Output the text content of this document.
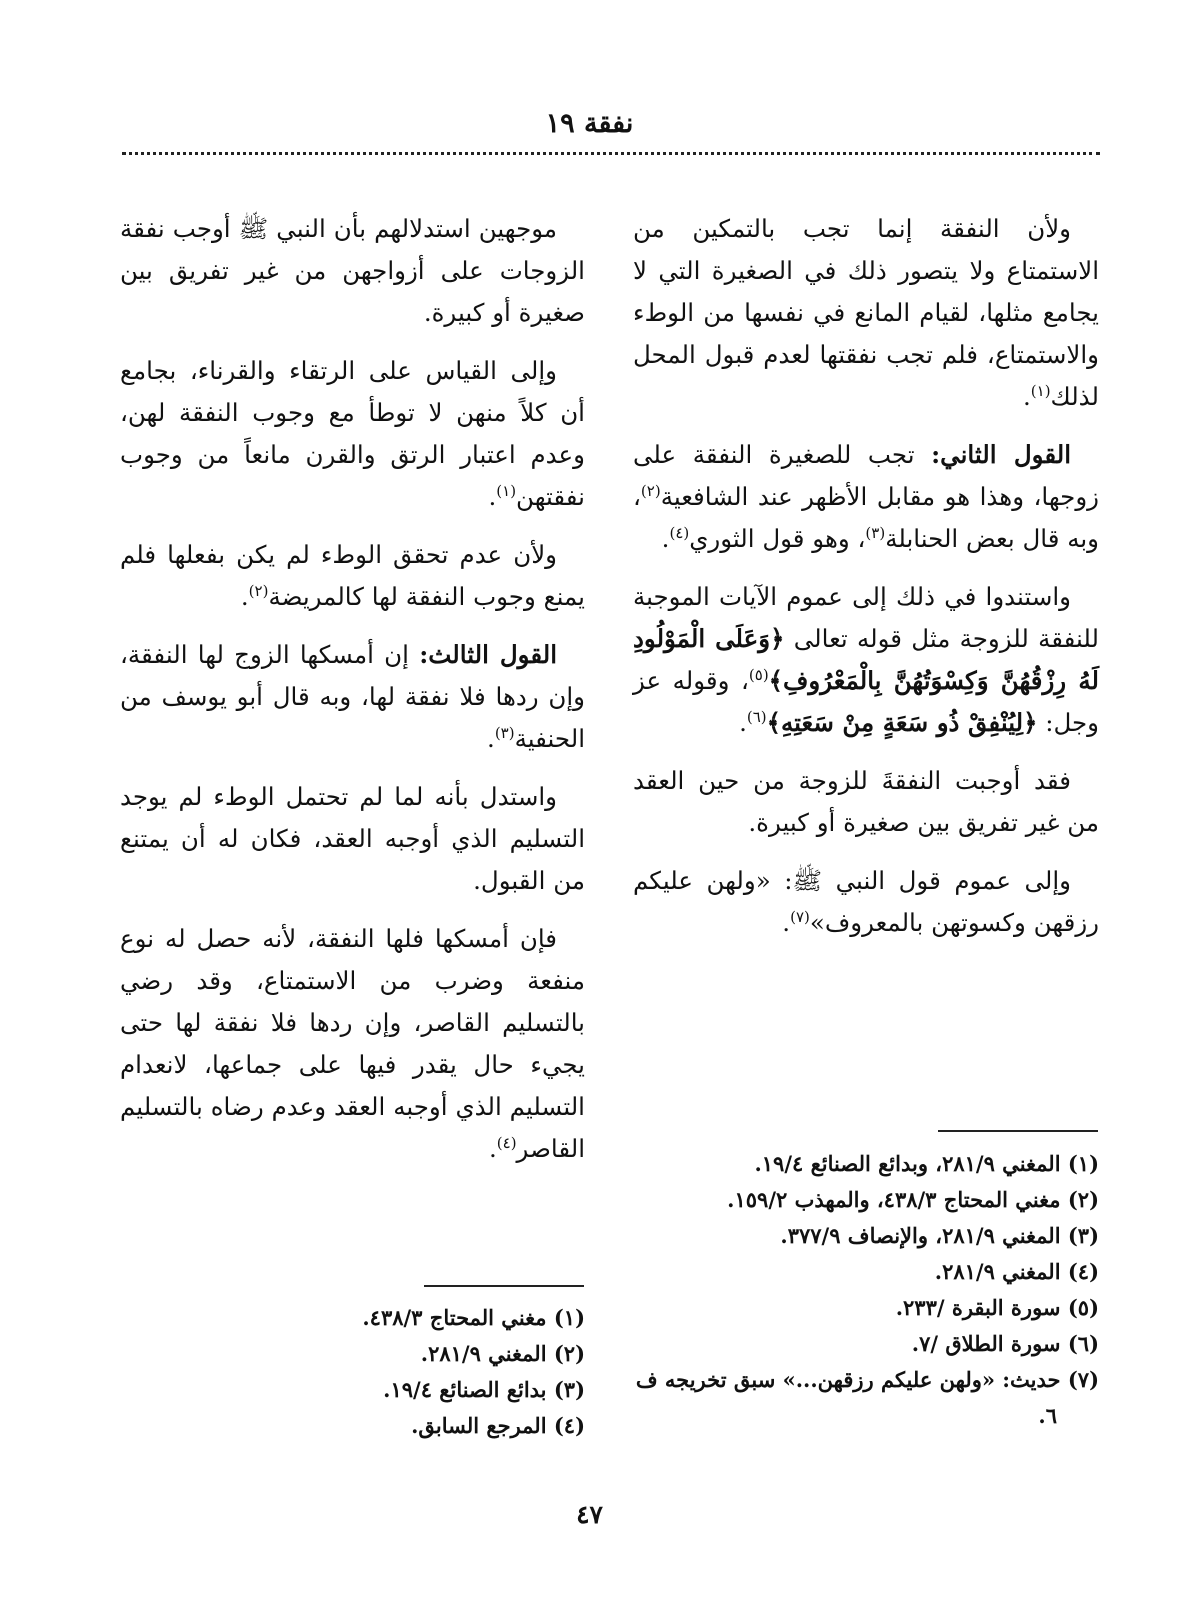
نفقة ١٩

ولأن النفقة إنما تجب بالتمكين من الاستمتاع ولا يتصور ذلك في الصغيرة التي لا يجامع مثلها، لقيام المانع في نفسها من الوطء والاستمتاع، فلم تجب نفقتها لعدم قبول المحل لذلك$^{(١)}$.

القول الثاني: تجب للصغيرة النفقة على زوجها، وهذا هو مقابل الأظهر عند الشافعية$^{(٢)}$، وبه قال بعض الحنابلة$^{(٣)}$، وهو قول الثوري$^{(٤)}$.

واستندوا في ذلك إلى عموم الآيات الموجبة للنفقة للزوجة مثل قوله تعالى ﴿وَعَلَى الْمَوْلُودِ لَهُ رِزْقُهُنَّ وَكِسْوَتُهُنَّ بِالْمَعْرُوفِ﴾$^{(٥)}$، وقوله عز وجل: ﴿لِيُنْفِقْ ذُو سَعَةٍ مِنْ سَعَتِهِ﴾$^{(٦)}$.

فقد أوجبت النفقةَ للزوجة من حين العقد من غير تفريق بين صغيرة أو كبيرة.

وإلى عموم قول النبي ﷺ: «ولهن عليكم رزقهن وكسوتهن بالمعروف»$^{(٧)}$.

(١) المغني ٢٨١/٩، وبدائع الصنائع ١٩/٤.

(٢) مغني المحتاج ٤٣٨/٣، والمهذب ١٥٩/٢.

(٣) المغني ٢٨١/٩، والإنصاف ٣٧٧/٩.

(٤) المغني ٢٨١/٩.

(٥) سورة البقرة /٢٣٣.

(٦) سورة الطلاق /٧.

(٧) حديث: «ولهن عليكم رزقهن...» سبق تخريجه ف ٦.

موجهين استدلالهم بأن النبي ﷺ أوجب نفقة الزوجات على أزواجهن من غير تفريق بين صغيرة أو كبيرة.

وإلى القياس على الرتقاء والقرناء، بجامع أن كلاً منهن لا توطأ مع وجوب النفقة لهن، وعدم اعتبار الرتق والقرن مانعاً من وجوب نفقتهن$^{(١)}$.

ولأن عدم تحقق الوطء لم يكن بفعلها فلم يمنع وجوب النفقة لها كالمريضة$^{(٢)}$.

القول الثالث: إن أمسكها الزوج لها النفقة، وإن ردها فلا نفقة لها، وبه قال أبو يوسف من الحنفية$^{(٣)}$.

واستدل بأنه لما لم تحتمل الوطء لم يوجد التسليم الذي أوجبه العقد، فكان له أن يمتنع من القبول.

فإن أمسكها فلها النفقة، لأنه حصل له نوع منفعة وضرب من الاستمتاع، وقد رضي بالتسليم القاصر، وإن ردها فلا نفقة لها حتى يجيء حال يقدر فيها على جماعها، لانعدام التسليم الذي أوجبه العقد وعدم رضاه بالتسليم القاصر$^{(٤)}$.

(١) مغني المحتاج ٤٣٨/٣.

(٢) المغني ٢٨١/٩.

(٣) بدائع الصنائع ١٩/٤.

(٤) المرجع السابق.

٤٧
